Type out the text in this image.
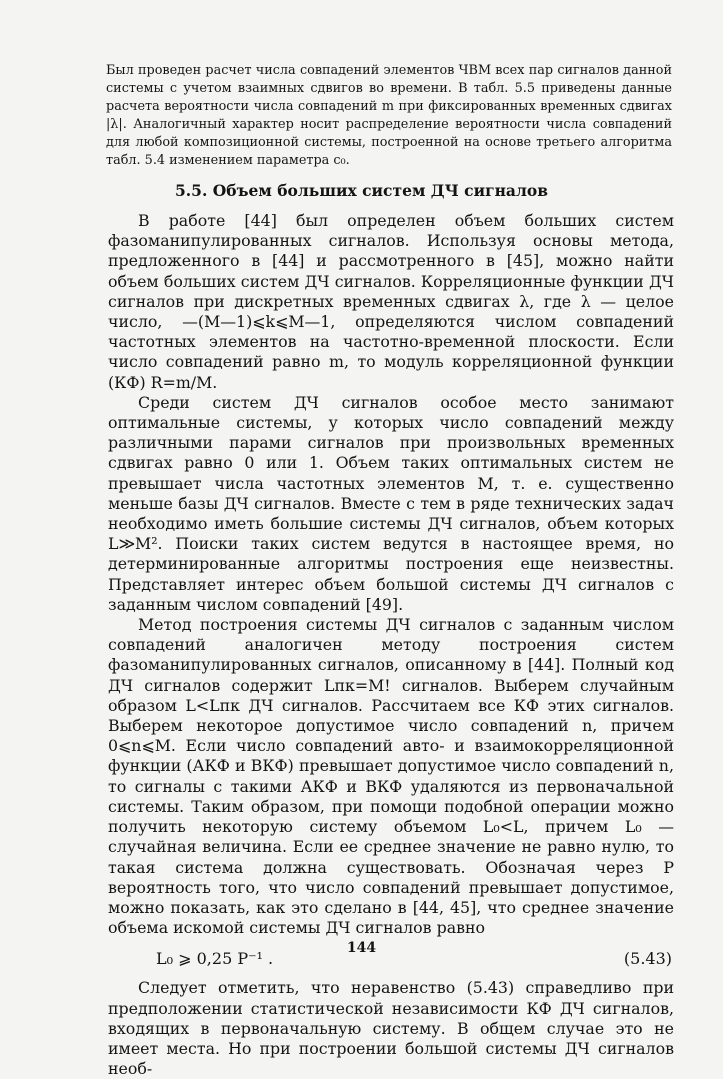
Был проведен расчет числа совпадений элементов ЧВМ всех пар сигналов данной системы с учетом взаимных сдвигов во времени. В табл. 5.5 приведены данные расчета вероятности числа совпадений m при фиксированных временных сдвигах |λ|. Аналогичный характер носит распределение вероятности числа совпадений для любой композиционной системы, построенной на основе третьего алгоритма табл. 5.4 изменением параметра c₀.

5.5. Объем больших систем ДЧ сигналов

В работе [44] был определен объем больших систем фазоманипулированных сигналов. Используя основы метода, предложенного в [44] и рассмотренного в [45], можно найти объем больших систем ДЧ сигналов. Корреляционные функции ДЧ сигналов при дискретных временных сдвигах λ, где λ — целое число, —(M—1)⩽k⩽M—1, определяются числом совпадений частотных элементов на частотно-временной плоскости. Если число совпадений равно m, то модуль корреляционной функции (КФ) R=m/M.

Среди систем ДЧ сигналов особое место занимают оптимальные системы, у которых число совпадений между различными парами сигналов при произвольных временных сдвигах равно 0 или 1. Объем таких оптимальных систем не превышает числа частотных элементов M, т. е. существенно меньше базы ДЧ сигналов. Вместе с тем в ряде технических задач необходимо иметь большие системы ДЧ сигналов, объем которых L≫M². Поиски таких систем ведутся в настоящее время, но детерминированные алгоритмы построения еще неизвестны. Представляет интерес объем большой системы ДЧ сигналов с заданным числом совпадений [49].

Метод построения системы ДЧ сигналов с заданным числом совпадений аналогичен методу построения систем фазоманипулированных сигналов, описанному в [44]. Полный код ДЧ сигналов содержит Lпк=M! сигналов. Выберем случайным образом L<Lпк ДЧ сигналов. Рассчитаем все КФ этих сигналов. Выберем некоторое допустимое число совпадений n, причем 0⩽n⩽M. Если число совпадений авто- и взаимокорреляционной функции (АКФ и ВКФ) превышает допустимое число совпадений n, то сигналы с такими АКФ и ВКФ удаляются из первоначальной системы. Таким образом, при помощи подобной операции можно получить некоторую систему объемом L₀<L, причем L₀ — случайная величина. Если ее среднее значение не равно нулю, то такая система должна существовать. Обозначая через P вероятность того, что число совпадений превышает допустимое, можно показать, как это сделано в [44, 45], что среднее значение объема искомой системы ДЧ сигналов равно

L₀ ⩾ 0,25 P⁻¹ .	(5.43)

Следует отметить, что неравенство (5.43) справедливо при предположении статистической независимости КФ ДЧ сигналов, входящих в первоначальную систему. В общем случае это не имеет места. Но при построении большой системы ДЧ сигналов необ-

144
